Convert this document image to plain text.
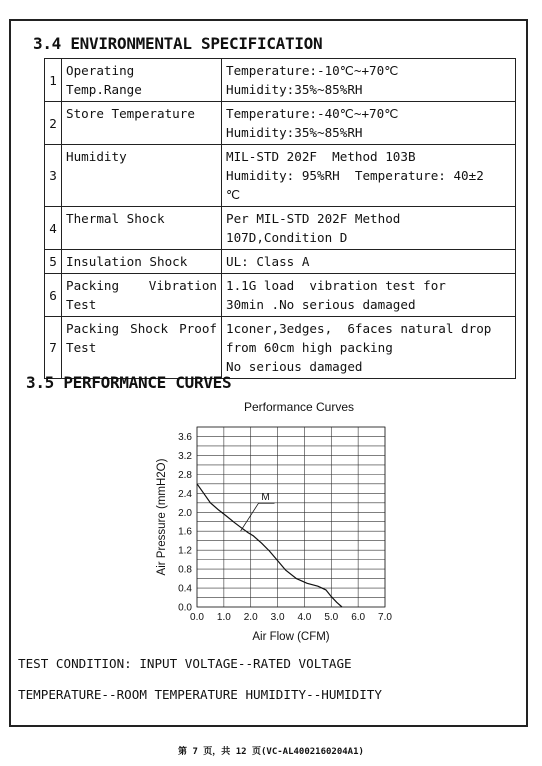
3.4 ENVIRONMENTAL SPECIFICATION
1	Operating Temp.Range	Temperature:-10℃~+70℃
Humidity:35%~85%RH

2	Store Temperature	Temperature:-40℃~+70℃
Humidity:35%~85%RH

3	Humidity	MIL-STD 202F  Method 103B
Humidity: 95%RH  Temperature: 40±2
℃

4	Thermal Shock	Per MIL-STD 202F Method
107D,Condition D

5	Insulation Shock	UL: Class A

6	Packing Vibration
Test	1.1G load  vibration test for
30min .No serious damaged

7	Packing Shock Proof
Test	1coner,3edges,  6faces natural drop
from 60cm high packing
No serious damaged
3.5 PERFORMANCE CURVES
0.0 1.0 2.0 3.0 4.0 5.0 6.0 7.0
0.0
0.4
0.8
1.2
1.6
2.0
2.4
2.8
3.2
3.6
M
Performance Curves
Air Flow (CFM)
Air Pressure (mmH2O)
TEST CONDITION: INPUT VOLTAGE--RATED VOLTAGE
TEMPERATURE--ROOM TEMPERATURE HUMIDITY--HUMIDITY
第 7 页，共 12 页(VC-AL4002160204A1)
